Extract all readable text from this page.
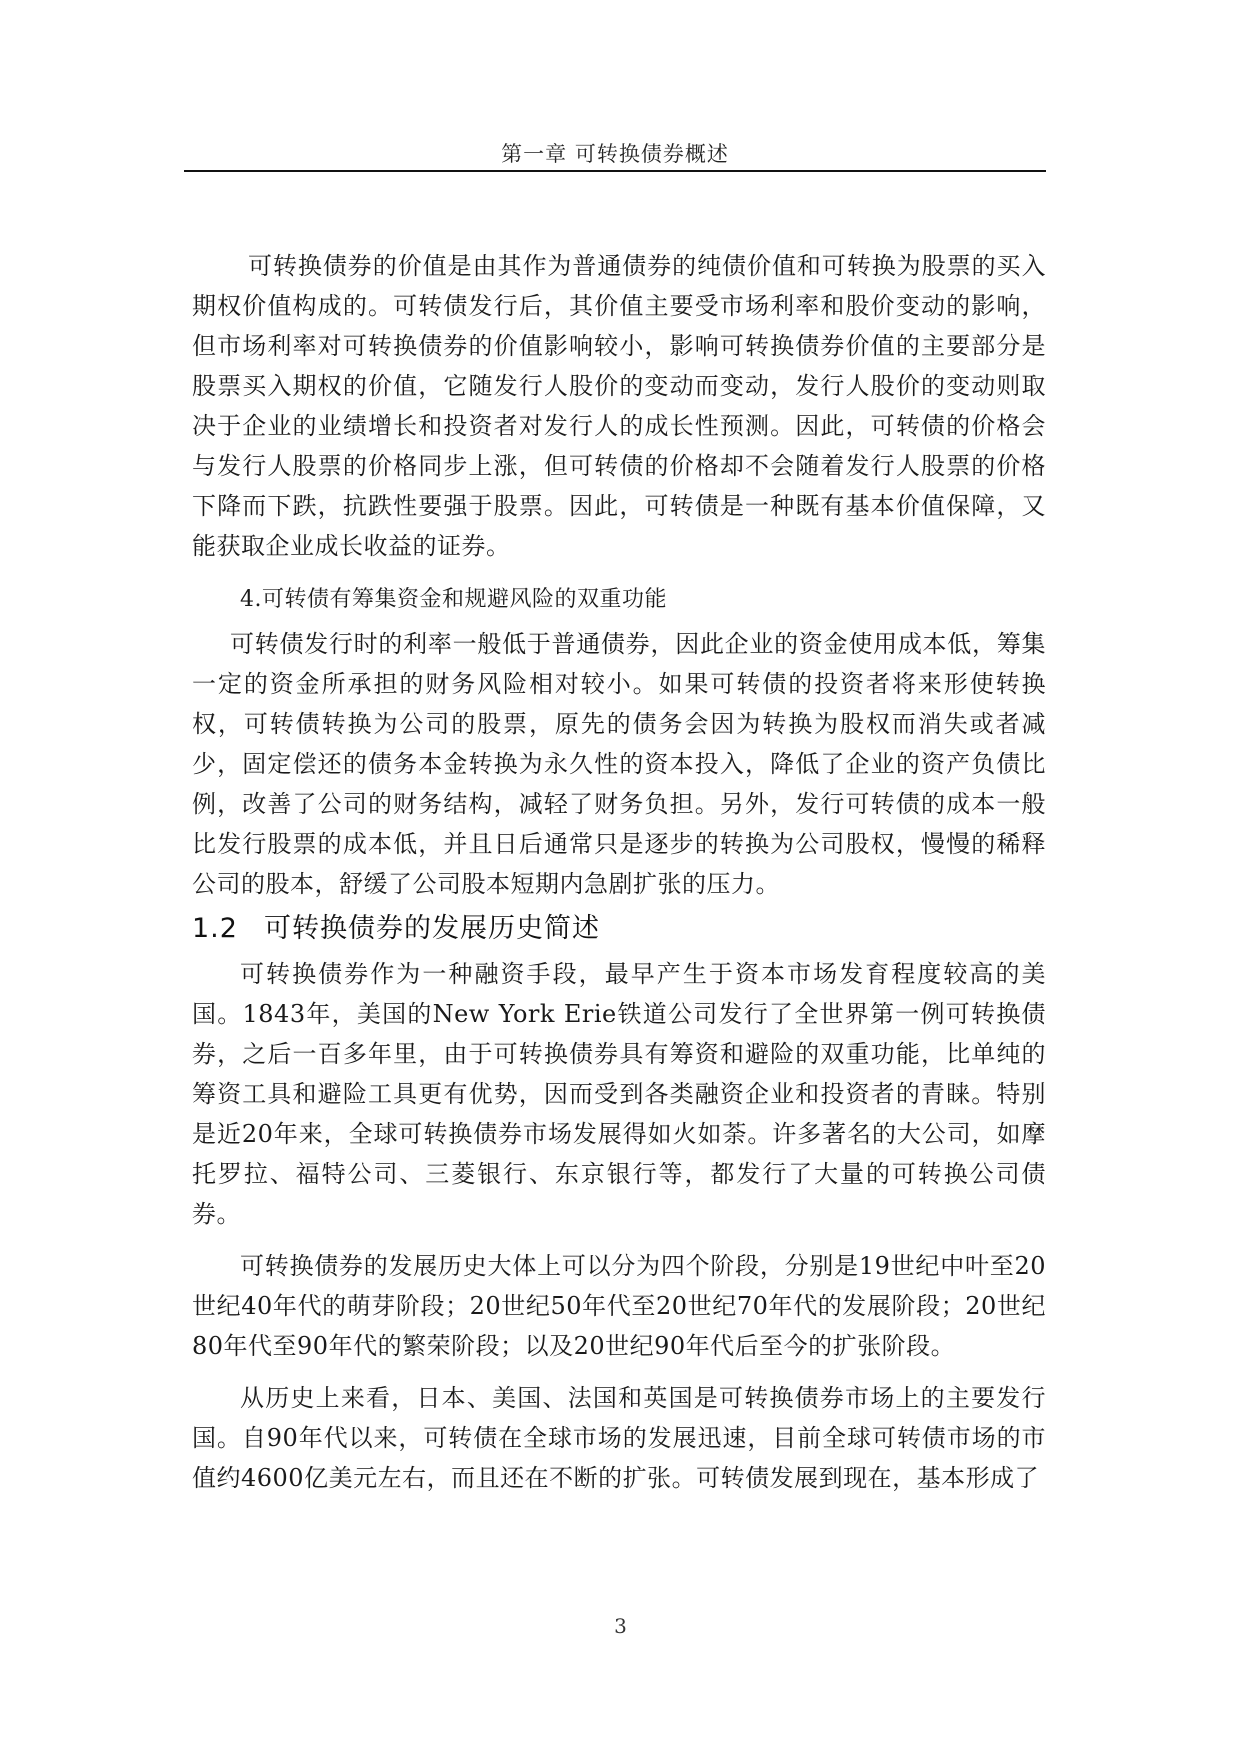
第一章 可转换债券概述

可转换债券的价值是由其作为普通债券的纯债价值和可转换为股票的买入期权价值构成的。可转债发行后，其价值主要受市场利率和股价变动的影响，但市场利率对可转换债券的价值影响较小，影响可转换债券价值的主要部分是股票买入期权的价值，它随发行人股价的变动而变动，发行人股价的变动则取决于企业的业绩增长和投资者对发行人的成长性预测。因此，可转债的价格会与发行人股票的价格同步上涨，但可转债的价格却不会随着发行人股票的价格下降而下跌，抗跌性要强于股票。因此，可转债是一种既有基本价值保障，又能获取企业成长收益的证券。

4.可转债有筹集资金和规避风险的双重功能

可转债发行时的利率一般低于普通债券，因此企业的资金使用成本低，筹集一定的资金所承担的财务风险相对较小。如果可转债的投资者将来形使转换权，可转债转换为公司的股票，原先的债务会因为转换为股权而消失或者减少，固定偿还的债务本金转换为永久性的资本投入，降低了企业的资产负债比例，改善了公司的财务结构，减轻了财务负担。另外，发行可转债的成本一般比发行股票的成本低，并且日后通常只是逐步的转换为公司股权，慢慢的稀释公司的股本，舒缓了公司股本短期内急剧扩张的压力。

1.2 可转换债券的发展历史简述

可转换债券作为一种融资手段，最早产生于资本市场发育程度较高的美国。1843年，美国的New York Erie铁道公司发行了全世界第一例可转换债券，之后一百多年里，由于可转换债券具有筹资和避险的双重功能，比单纯的筹资工具和避险工具更有优势，因而受到各类融资企业和投资者的青睐。特别是近20年来，全球可转换债券市场发展得如火如荼。许多著名的大公司，如摩托罗拉、福特公司、三菱银行、东京银行等，都发行了大量的可转换公司债券。

可转换债券的发展历史大体上可以分为四个阶段，分别是19世纪中叶至20世纪40年代的萌芽阶段；20世纪50年代至20世纪70年代的发展阶段；20世纪80年代至90年代的繁荣阶段；以及20世纪90年代后至今的扩张阶段。

从历史上来看，日本、美国、法国和英国是可转换债券市场上的主要发行国。自90年代以来，可转债在全球市场的发展迅速，目前全球可转债市场的市值约4600亿美元左右，而且还在不断的扩张。可转债发展到现在，基本形成了

3
